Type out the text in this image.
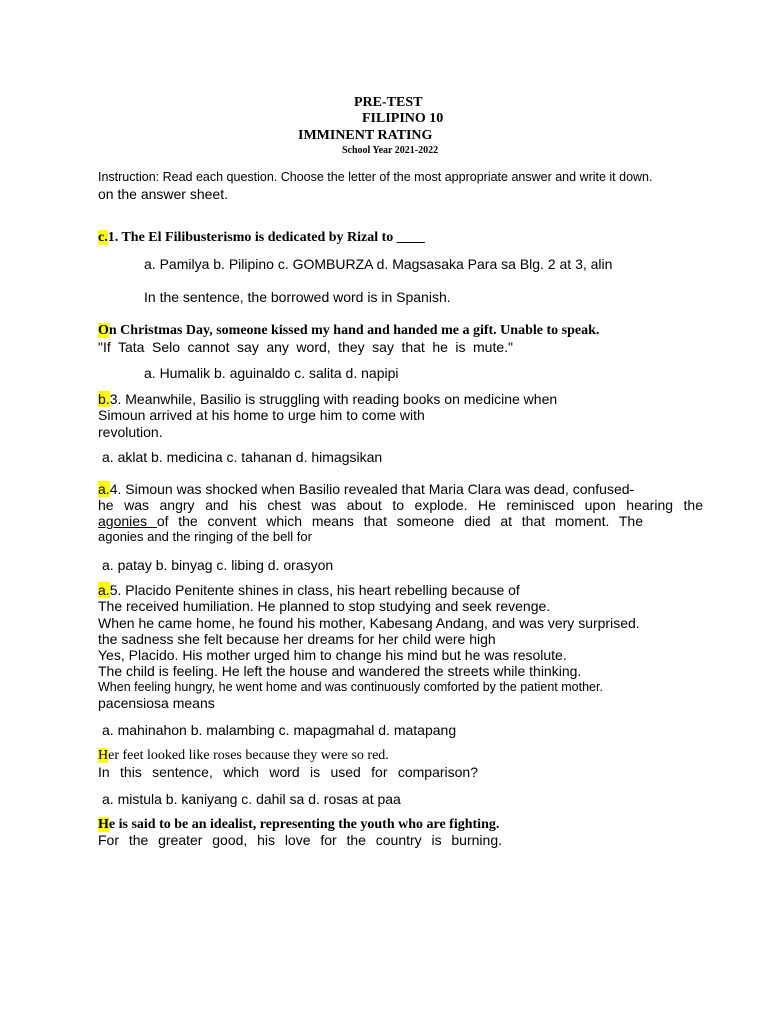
PRE-TEST
FILIPINO 10
IMMINENT RATING
School Year 2021-2022
Instruction: Read each question. Choose the letter of the most appropriate answer and write it down.
on the answer sheet.
c.1. The El Filibusterismo is dedicated by Rizal to ____
a. Pamilya b. Pilipino c. GOMBURZA d. Magsasaka Para sa Blg. 2 at 3, alin
In the sentence, the borrowed word is in Spanish.
On Christmas Day, someone kissed my hand and handed me a gift. Unable to speak.
"If Tata Selo cannot say any word, they say that he is mute."
a. Humalik b. aguinaldo c. salita d. napipi
b.3. Meanwhile, Basilio is struggling with reading books on medicine when
Simoun arrived at his home to urge him to come with
revolution.
a. aklat b. medicina c. tahanan d. himagsikan
a.4. Simoun was shocked when Basilio revealed that Maria Clara was dead, confused-
he was angry and his chest was about to explode. He reminisced upon hearing the
agonies of the convent which means that someone died at that moment. The
agonies and the ringing of the bell for
a. patay b. binyag c. libing d. orasyon
a.5. Placido Penitente shines in class, his heart rebelling because of
The received humiliation. He planned to stop studying and seek revenge.
When he came home, he found his mother, Kabesang Andang, and was very surprised.
the sadness she felt because her dreams for her child were high
Yes, Placido. His mother urged him to change his mind but he was resolute.
The child is feeling. He left the house and wandered the streets while thinking.
When feeling hungry, he went home and was continuously comforted by the patient mother.
pacensiosa means
a. mahinahon b. malambing c. mapagmahal d. matapang
Her feet looked like roses because they were so red.
In this sentence, which word is used for comparison?
a. mistula b. kaniyang c. dahil sa d. rosas at paa
He is said to be an idealist, representing the youth who are fighting.
For the greater good, his love for the country is burning.
